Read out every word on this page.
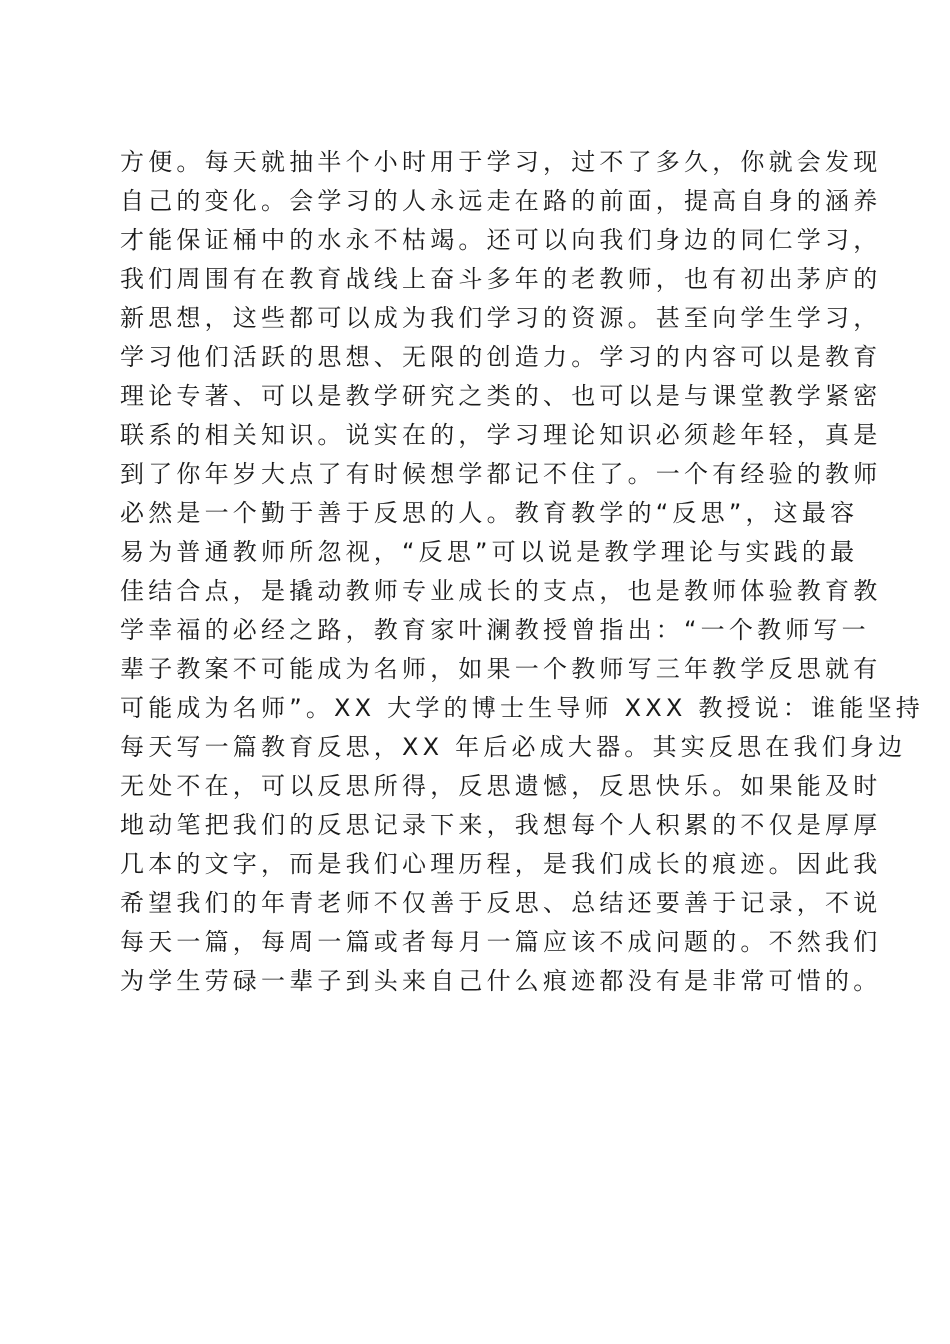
方便。每天就抽半个小时用于学习，过不了多久，你就会发现
自己的变化。会学习的人永远走在路的前面，提高自身的涵养
才能保证桶中的水永不枯竭。还可以向我们身边的同仁学习，
我们周围有在教育战线上奋斗多年的老教师，也有初出茅庐的
新思想，这些都可以成为我们学习的资源。甚至向学生学习，
学习他们活跃的思想、无限的创造力。学习的内容可以是教育
理论专著、可以是教学研究之类的、也可以是与课堂教学紧密
联系的相关知识。说实在的，学习理论知识必须趁年轻，真是
到了你年岁大点了有时候想学都记不住了。一个有经验的教师
必然是一个勤于善于反思的人。教育教学的“反思”，这最容
易为普通教师所忽视，“反思”可以说是教学理论与实践的最
佳结合点，是撬动教师专业成长的支点，也是教师体验教育教
学幸福的必经之路，教育家叶澜教授曾指出：“一个教师写一
辈子教案不可能成为名师，如果一个教师写三年教学反思就有
可能成为名师”。XX 大学的博士生导师 XXX 教授说：谁能坚持
每天写一篇教育反思，XX 年后必成大器。其实反思在我们身边
无处不在，可以反思所得，反思遗憾，反思快乐。如果能及时
地动笔把我们的反思记录下来，我想每个人积累的不仅是厚厚
几本的文字，而是我们心理历程，是我们成长的痕迹。因此我
希望我们的年青老师不仅善于反思、总结还要善于记录，不说
每天一篇，每周一篇或者每月一篇应该不成问题的。不然我们
为学生劳碌一辈子到头来自己什么痕迹都没有是非常可惜的。
